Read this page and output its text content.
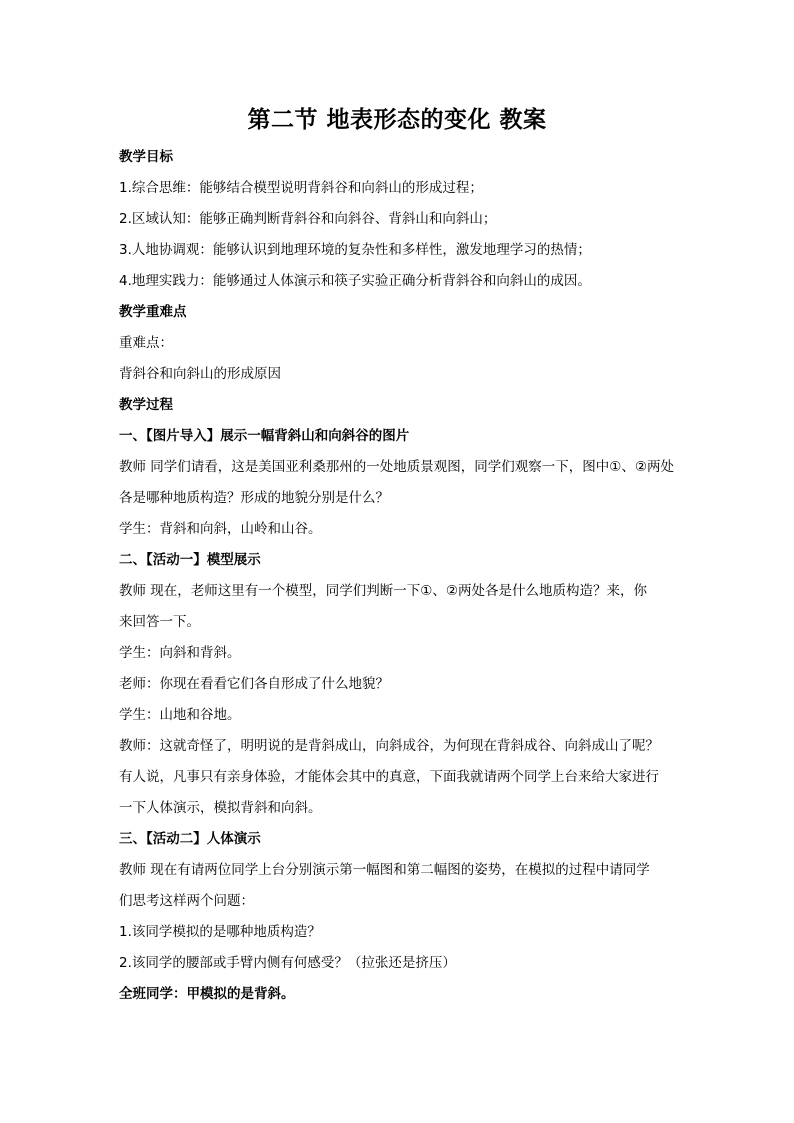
第二节 地表形态的变化 教案
教学目标
1.综合思维：能够结合模型说明背斜谷和向斜山的形成过程；
2.区域认知：能够正确判断背斜谷和向斜谷、背斜山和向斜山；
3.人地协调观：能够认识到地理环境的复杂性和多样性，激发地理学习的热情；
4.地理实践力：能够通过人体演示和筷子实验正确分析背斜谷和向斜山的成因。
教学重难点
重难点：
背斜谷和向斜山的形成原因
教学过程
一、【图片导入】展示一幅背斜山和向斜谷的图片
教师 同学们请看，这是美国亚利桑那州的一处地质景观图，同学们观察一下，图中①、②两处
各是哪种地质构造？形成的地貌分别是什么？
学生：背斜和向斜，山岭和山谷。
二、【活动一】模型展示
教师 现在，老师这里有一个模型，同学们判断一下①、②两处各是什么地质构造？来，你
来回答一下。
学生：向斜和背斜。
老师：你现在看看它们各自形成了什么地貌？
学生：山地和谷地。
教师：这就奇怪了，明明说的是背斜成山，向斜成谷，为何现在背斜成谷、向斜成山了呢？
有人说，凡事只有亲身体验，才能体会其中的真意，下面我就请两个同学上台来给大家进行
一下人体演示，模拟背斜和向斜。
三、【活动二】人体演示
教师 现在有请两位同学上台分别演示第一幅图和第二幅图的姿势，在模拟的过程中请同学
们思考这样两个问题：
1.该同学模拟的是哪种地质构造？
2.该同学的腰部或手臂内侧有何感受？（拉张还是挤压）
全班同学：甲模拟的是背斜。
